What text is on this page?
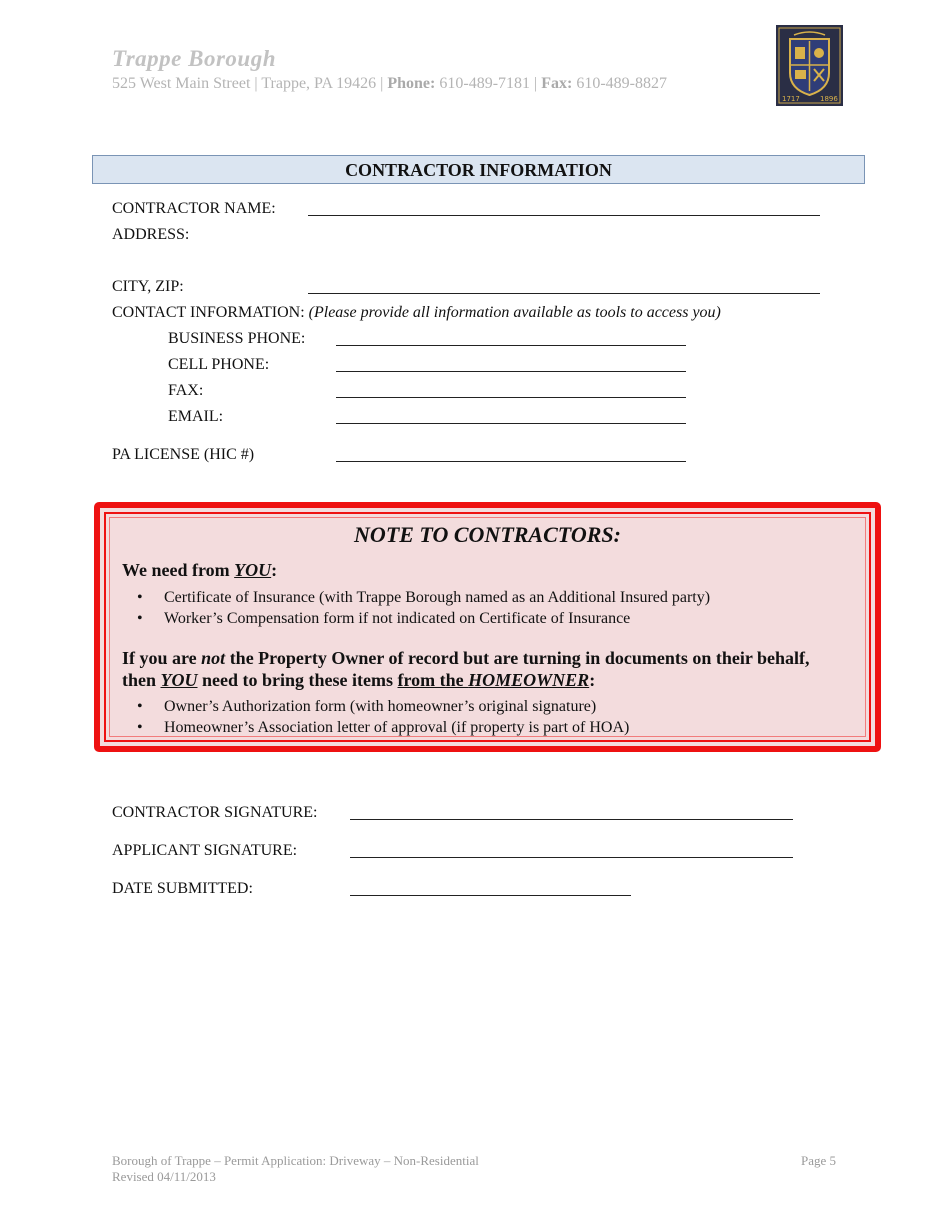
Trappe Borough
525 West Main Street | Trappe, PA 19426 | Phone: 610-489-7181 | Fax: 610-489-8827
1717	1896
CONTRACTOR INFORMATION
CONTRACTOR NAME:
ADDRESS:
CITY, ZIP:
CONTACT INFORMATION: (Please provide all information available as tools to access you)
BUSINESS PHONE:
CELL PHONE:
FAX:
EMAIL:
PA LICENSE (HIC #)
NOTE TO CONTRACTORS:
We need from YOU:
• Certificate of Insurance (with Trappe Borough named as an Additional Insured party)
• Worker’s Compensation form if not indicated on Certificate of Insurance
If you are not the Property Owner of record but are turning in documents on their behalf, then YOU need to bring these items from the HOMEOWNER:
• Owner’s Authorization form (with homeowner’s original signature)
• Homeowner’s Association letter of approval (if property is part of HOA)
CONTRACTOR SIGNATURE:
APPLICANT SIGNATURE:
DATE SUBMITTED:
Borough of Trappe – Permit Application: Driveway – Non-Residential
Revised 04/11/2013
Page 5
